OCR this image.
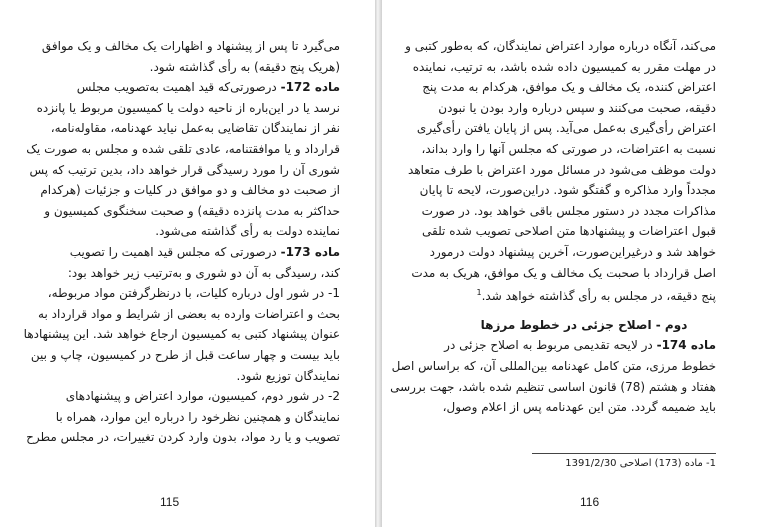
می‌گیرد تا پس از پیشنهاد و اظهارات یک مخالف و یک موافق
(هریک پنج دقیقه) به رأی گذاشته شود.
ماده 172- درصورتی‌که قید اهمیت به‌تصویب مجلس
نرسد یا در این‌باره از ناحیه دولت یا کمیسیون مربوط یا پانزده
نفر از نمایندگان تقاضایی به‌عمل نیاید عهدنامه، مقاوله‌نامه،
قرارداد و یا موافقتنامه، عادی تلقی شده و مجلس به صورت یک
شوری آن را مورد رسیدگی قرار خواهد داد، بدین ترتیب که پس
از صحبت دو مخالف و دو موافق در کلیات و جزئیات (هرکدام
حداکثر به مدت پانزده دقیقه) و صحبت سخنگوی کمیسیون و
نماینده دولت به رأی گذاشته می‌شود.
ماده 173- درصورتی که مجلس قید اهمیت را تصویب
کند، رسیدگی به آن دو شوری و به‌ترتیب زیر خواهد بود:
1- در شور اول درباره کلیات، با درنظرگرفتن مواد مربوطه،
بحث و اعتراضات وارده به بعضی از شرایط و مواد قرارداد به
عنوان پیشنهاد کتبی به کمیسیون ارجاع خواهد شد. این پیشنهادها
باید بیست و چهار ساعت قبل از طرح در کمیسیون، چاپ و بین
نمایندگان توزیع شود.
2- در شور دوم، کمیسیون، موارد اعتراض و پیشنهادهای
نمایندگان و همچنین نظرخود را درباره این موارد، همراه با
تصویب و یا رد مواد، بدون وارد کردن تغییرات، در مجلس مطرح
115
می‌کند، آنگاه درباره موارد اعتراض نمایندگان، که به‌طور کتبی و
در مهلت مقرر به کمیسیون داده شده باشد، به ترتیب، نماینده
اعتراض کننده، یک مخالف و یک موافق، هرکدام به مدت پنج
دقیقه، صحبت می‌کنند و سپس درباره وارد بودن یا نبودن
اعتراض رأی‌گیری به‌عمل می‌آید. پس از پایان یافتن رأی‌گیری
نسبت به اعتراضات، در صورتی که مجلس آنها را وارد بداند،
دولت موظف می‌شود در مسائل مورد اعتراض با طرف متعاهد
مجدداً وارد مذاکره و گفتگو شود. دراین‌صورت، لایحه تا پایان
مذاکرات مجدد در دستور مجلس باقی خواهد بود. در صورت
قبول اعتراضات و پیشنهادها متن اصلاحی تصویب شده تلقی
خواهد شد و درغیراین‌صورت، آخرین پیشنهاد دولت درمورد
اصل قرارداد با صحبت یک مخالف و یک موافق، هریک به مدت
پنج دقیقه، در مجلس به رأی گذاشته خواهد شد.$^1$
دوم - اصلاح جزئی در خطوط مرزها
ماده 174- در لایحه تقدیمی مربوط به اصلاح جزئی در
خطوط مرزی، متن کامل عهدنامه بین‌المللی آن، که براساس اصل
هفتاد و هشتم (78) قانون اساسی تنظیم شده باشد، جهت بررسی
باید ضمیمه گردد. متن این عهدنامه پس از اعلام وصول،
1- ماده (173) اصلاحی 1391/2/30
116
